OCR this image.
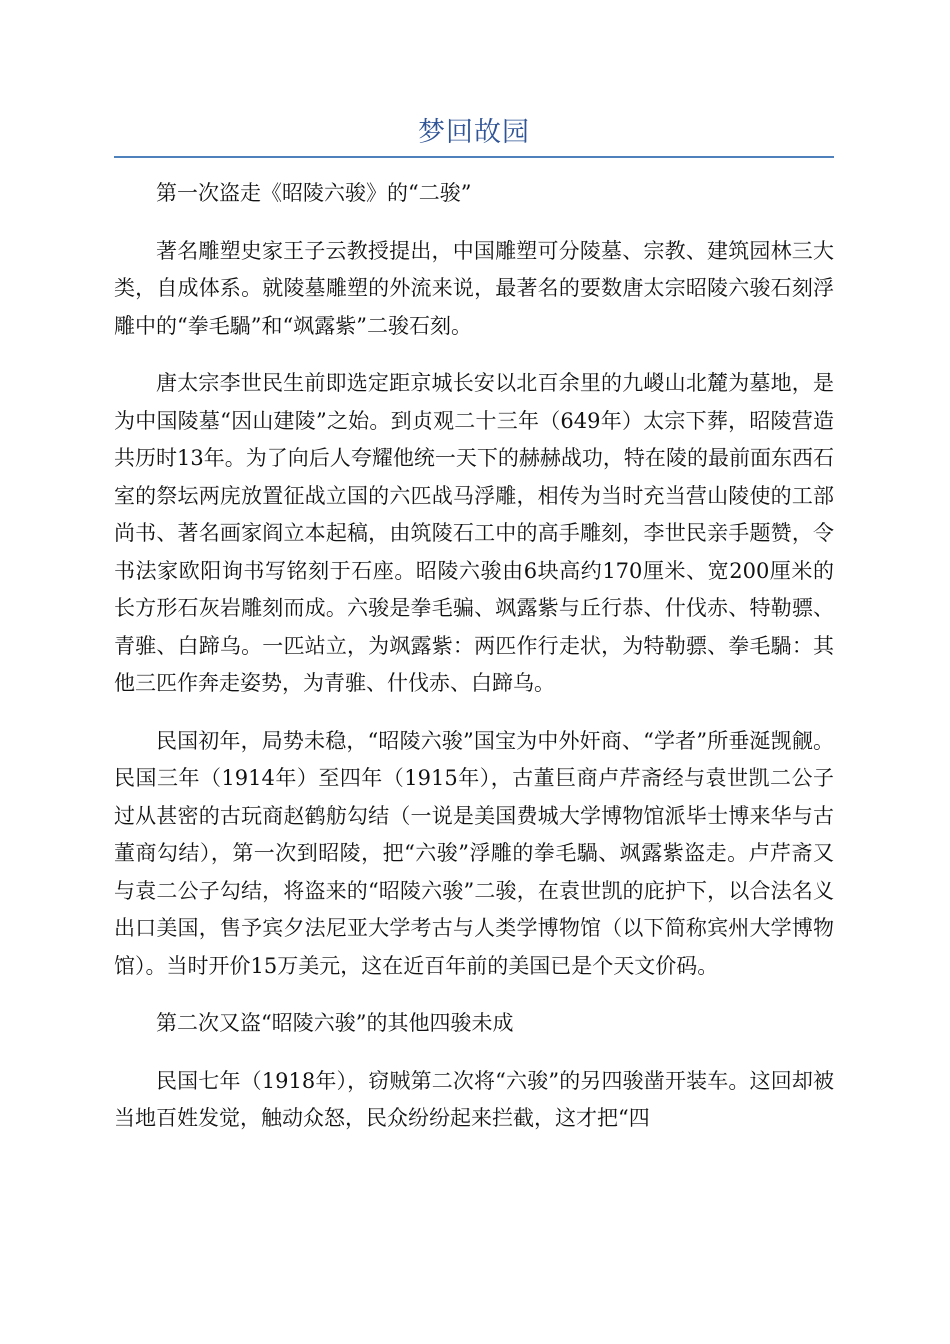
梦回故园

第一次盗走《昭陵六骏》的“二骏”

著名雕塑史家王子云教授提出，中国雕塑可分陵墓、宗教、建筑园林三大类，自成体系。就陵墓雕塑的外流来说，最著名的要数唐太宗昭陵六骏石刻浮雕中的“拳毛騧”和“飒露紫”二骏石刻。

唐太宗李世民生前即选定距京城长安以北百余里的九嵕山北麓为墓地，是为中国陵墓“因山建陵”之始。到贞观二十三年（649年）太宗下葬，昭陵营造共历时13年。为了向后人夸耀他统一天下的赫赫战功，特在陵的最前面东西石室的祭坛两庑放置征战立国的六匹战马浮雕，相传为当时充当营山陵使的工部尚书、著名画家阎立本起稿，由筑陵石工中的高手雕刻，李世民亲手题赞，令书法家欧阳询书写铭刻于石座。昭陵六骏由6块高约170厘米、宽200厘米的长方形石灰岩雕刻而成。六骏是拳毛骗、飒露紫与丘行恭、什伐赤、特勒骠、青骓、白蹄乌。一匹站立，为飒露紫：两匹作行走状，为特勒骠、拳毛騧：其他三匹作奔走姿势，为青骓、什伐赤、白蹄乌。

民国初年，局势未稳，“昭陵六骏”国宝为中外奸商、“学者”所垂涎觊觎。民国三年（1914年）至四年（1915年），古董巨商卢芹斋经与袁世凯二公子过从甚密的古玩商赵鹤舫勾结（一说是美国费城大学博物馆派毕士博来华与古董商勾结），第一次到昭陵，把“六骏”浮雕的拳毛騧、飒露紫盗走。卢芹斋又与袁二公子勾结，将盗来的“昭陵六骏”二骏，在袁世凯的庇护下，以合法名义出口美国，售予宾夕法尼亚大学考古与人类学博物馆（以下简称宾州大学博物馆）。当时开价15万美元，这在近百年前的美国已是个天文价码。

第二次又盗“昭陵六骏”的其他四骏未成

民国七年（1918年），窃贼第二次将“六骏”的另四骏凿开装车。这回却被当地百姓发觉，触动众怒，民众纷纷起来拦截，这才把“四
